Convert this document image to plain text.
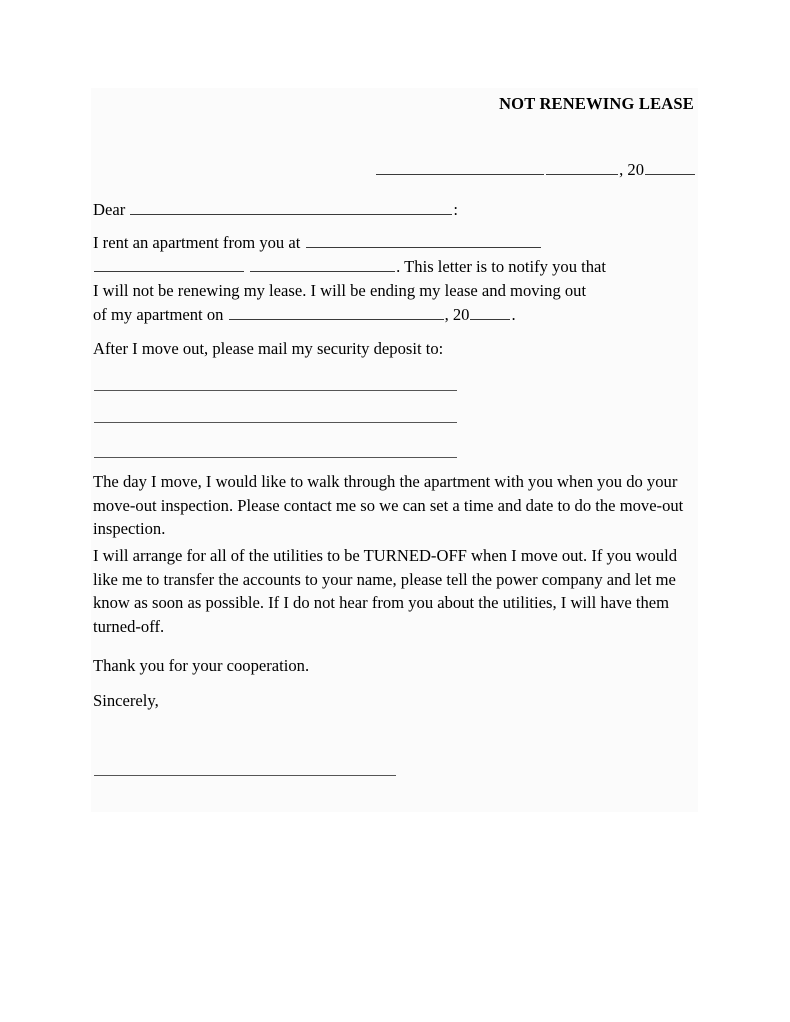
NOT RENEWING LEASE
, 20
Dear	:
I rent an apartment from you at
. This letter is to notify you that
I will not be renewing my lease. I will be ending my lease and moving out
of my apartment on	, 20	.
After I move out, please mail my security deposit to:
The day I move, I would like to walk through the apartment with you when you do your move-out inspection. Please contact me so we can set a time and date to do the move-out inspection.
I will arrange for all of the utilities to be TURNED-OFF when I move out. If you would like me to transfer the accounts to your name, please tell the power company and let me know as soon as possible. If I do not hear from you about the utilities, I will have them turned-off.
Thank you for your cooperation.
Sincerely,
